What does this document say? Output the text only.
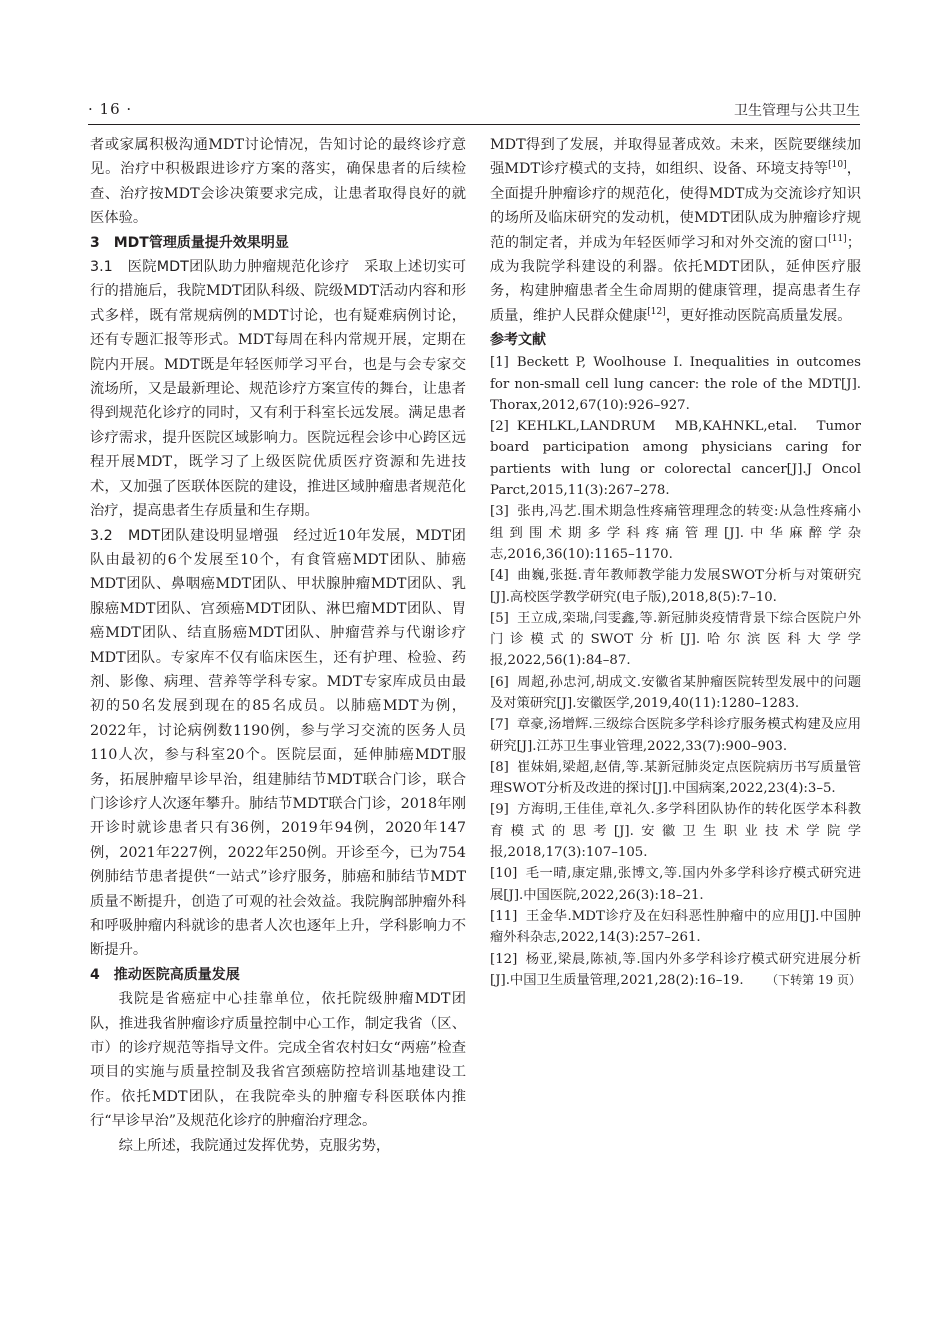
· 16 ·	卫生管理与公共卫生

者或家属积极沟通MDT讨论情况，告知讨论的最终诊疗意见。治疗中积极跟进诊疗方案的落实，确保患者的后续检查、治疗按MDT会诊决策要求完成，让患者取得良好的就医体验。

3　MDT管理质量提升效果明显

3.1　医院MDT团队助力肿瘤规范化诊疗　采取上述切实可行的措施后，我院MDT团队科级、院级MDT活动内容和形式多样，既有常规病例的MDT讨论，也有疑难病例讨论，还有专题汇报等形式。MDT每周在科内常规开展，定期在院内开展。MDT既是年轻医师学习平台，也是与会专家交流场所，又是最新理论、规范诊疗方案宣传的舞台，让患者得到规范化诊疗的同时，又有利于科室长远发展。满足患者诊疗需求，提升医院区域影响力。医院远程会诊中心跨区远程开展MDT，既学习了上级医院优质医疗资源和先进技术，又加强了医联体医院的建设，推进区域肿瘤患者规范化治疗，提高患者生存质量和生存期。

3.2　MDT团队建设明显增强　经过近10年发展，MDT团队由最初的6个发展至10个，有食管癌MDT团队、肺癌MDT团队、鼻咽癌MDT团队、甲状腺肿瘤MDT团队、乳腺癌MDT团队、宫颈癌MDT团队、淋巴瘤MDT团队、胃癌MDT团队、结直肠癌MDT团队、肿瘤营养与代谢诊疗MDT团队。专家库不仅有临床医生，还有护理、检验、药剂、影像、病理、营养等学科专家。MDT专家库成员由最初的50名发展到现在的85名成员。以肺癌MDT为例，2022年，讨论病例数1190例，参与学习交流的医务人员110人次，参与科室20个。医院层面，延伸肺癌MDT服务，拓展肿瘤早诊早治，组建肺结节MDT联合门诊，联合门诊诊疗人次逐年攀升。肺结节MDT联合门诊，2018年刚开诊时就诊患者只有36例，2019年94例，2020年147例，2021年227例，2022年250例。开诊至今，已为754例肺结节患者提供“一站式”诊疗服务，肺癌和肺结节MDT质量不断提升，创造了可观的社会效益。我院胸部肿瘤外科和呼吸肿瘤内科就诊的患者人次也逐年上升，学科影响力不断提升。

4　推动医院高质量发展

我院是省癌症中心挂靠单位，依托院级肿瘤MDT团队，推进我省肿瘤诊疗质量控制中心工作，制定我省（区、市）的诊疗规范等指导文件。完成全省农村妇女“两癌”检查项目的实施与质量控制及我省宫颈癌防控培训基地建设工作。依托MDT团队，在我院牵头的肿瘤专科医联体内推行“早诊早治”及规范化诊疗的肿瘤治疗理念。

综上所述，我院通过发挥优势，克服劣势，

MDT得到了发展，并取得显著成效。未来，医院要继续加强MDT诊疗模式的支持，如组织、设备、环境支持等[10]，全面提升肿瘤诊疗的规范化，使得MDT成为交流诊疗知识的场所及临床研究的发动机，使MDT团队成为肿瘤诊疗规范的制定者，并成为年轻医师学习和对外交流的窗口[11]；成为我院学科建设的利器。依托MDT团队，延伸医疗服务，构建肿瘤患者全生命周期的健康管理，提高患者生存质量，维护人民群众健康[12]，更好推动医院高质量发展。

参考文献

[1] Beckett P, Woolhouse I. Inequalities in outcomes for non-small cell lung cancer: the role of the MDT[J]. Thorax,2012,67(10):926–927.

[2] KEHLKL,LANDRUM MB,KAHNKL,etal. Tumor board participation among physicians caring for partients with lung or colorectal cancer[J].J Oncol Parct,2015,11(3):267–278.

[3] 张冉,冯艺.围术期急性疼痛管理理念的转变:从急性疼痛小组到围术期多学科疼痛管理[J].中华麻醉学杂志,2016,36(10):1165–1170.

[4] 曲巍,张挺.青年教师教学能力发展SWOT分析与对策研究[J].高校医学教学研究(电子版),2018,8(5):7–10.

[5] 王立成,栾瑞,闫雯鑫,等.新冠肺炎疫情背景下综合医院户外门诊模式的SWOT分析[J].哈尔滨医科大学学报,2022,56(1):84–87.

[6] 周超,孙忠河,胡成文.安徽省某肿瘤医院转型发展中的问题及对策研究[J].安徽医学,2019,40(11):1280–1283.

[7] 章豪,汤增辉.三级综合医院多学科诊疗服务模式构建及应用研究[J].江苏卫生事业管理,2022,33(7):900–903.

[8] 崔妹娟,梁超,赵倩,等.某新冠肺炎定点医院病历书写质量管理SWOT分析及改进的探讨[J].中国病案,2022,23(4):3–5.

[9] 方海明,王佳佳,章礼久.多学科团队协作的转化医学本科教育模式的思考[J].安徽卫生职业技术学院学报,2018,17(3):107–105.

[10] 毛一晴,康定鼎,张博文,等.国内外多学科诊疗模式研究进展[J].中国医院,2022,26(3):18–21.

[11] 王金华.MDT诊疗及在妇科恶性肿瘤中的应用[J].中国肿瘤外科杂志,2022,14(3):257–261.

[12] 杨亚,梁晨,陈祯,等.国内外多学科诊疗模式研究进展分析[J].中国卫生质量管理,2021,28(2):16–19. （下转第 19 页）
